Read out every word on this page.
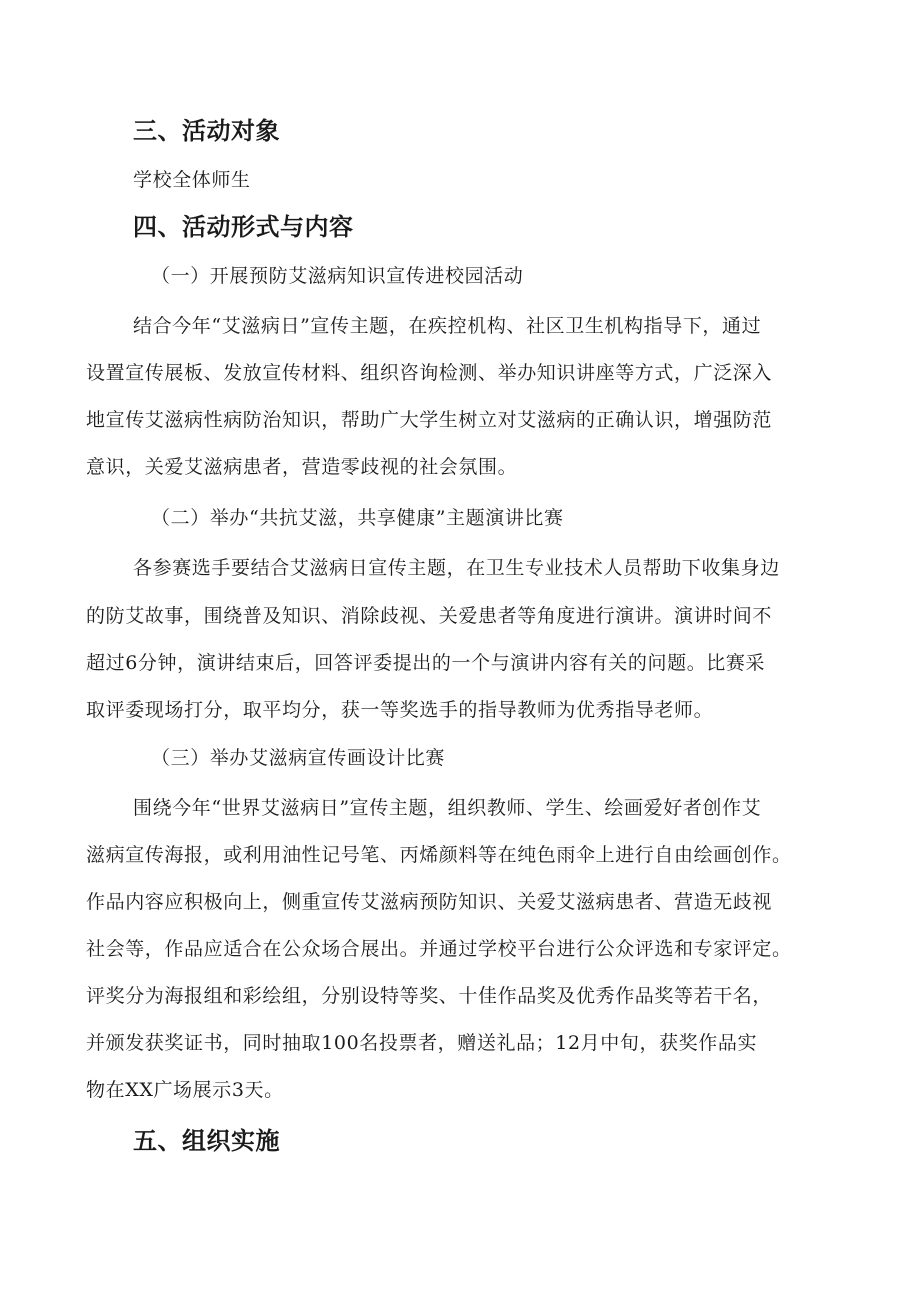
三、活动对象
学校全体师生
四、活动形式与内容
（一）开展预防艾滋病知识宣传进校园活动
结合今年“艾滋病日”宣传主题，在疾控机构、社区卫生机构指导下，通过
设置宣传展板、发放宣传材料、组织咨询检测、举办知识讲座等方式，广泛深入
地宣传艾滋病性病防治知识，帮助广大学生树立对艾滋病的正确认识，增强防范
意识，关爱艾滋病患者，营造零歧视的社会氛围。
（二）举办“共抗艾滋，共享健康”主题演讲比赛
各参赛选手要结合艾滋病日宣传主题，在卫生专业技术人员帮助下收集身边
的防艾故事，围绕普及知识、消除歧视、关爱患者等角度进行演讲。演讲时间不
超过6分钟，演讲结束后，回答评委提出的一个与演讲内容有关的问题。比赛采
取评委现场打分，取平均分，获一等奖选手的指导教师为优秀指导老师。
（三）举办艾滋病宣传画设计比赛
围绕今年“世界艾滋病日”宣传主题，组织教师、学生、绘画爱好者创作艾
滋病宣传海报，或利用油性记号笔、丙烯颜料等在纯色雨伞上进行自由绘画创作。
作品内容应积极向上，侧重宣传艾滋病预防知识、关爱艾滋病患者、营造无歧视
社会等，作品应适合在公众场合展出。并通过学校平台进行公众评选和专家评定。
评奖分为海报组和彩绘组，分别设特等奖、十佳作品奖及优秀作品奖等若干名，
并颁发获奖证书，同时抽取100名投票者，赠送礼品；12月中旬，获奖作品实
物在XX广场展示3天。
五、组织实施
